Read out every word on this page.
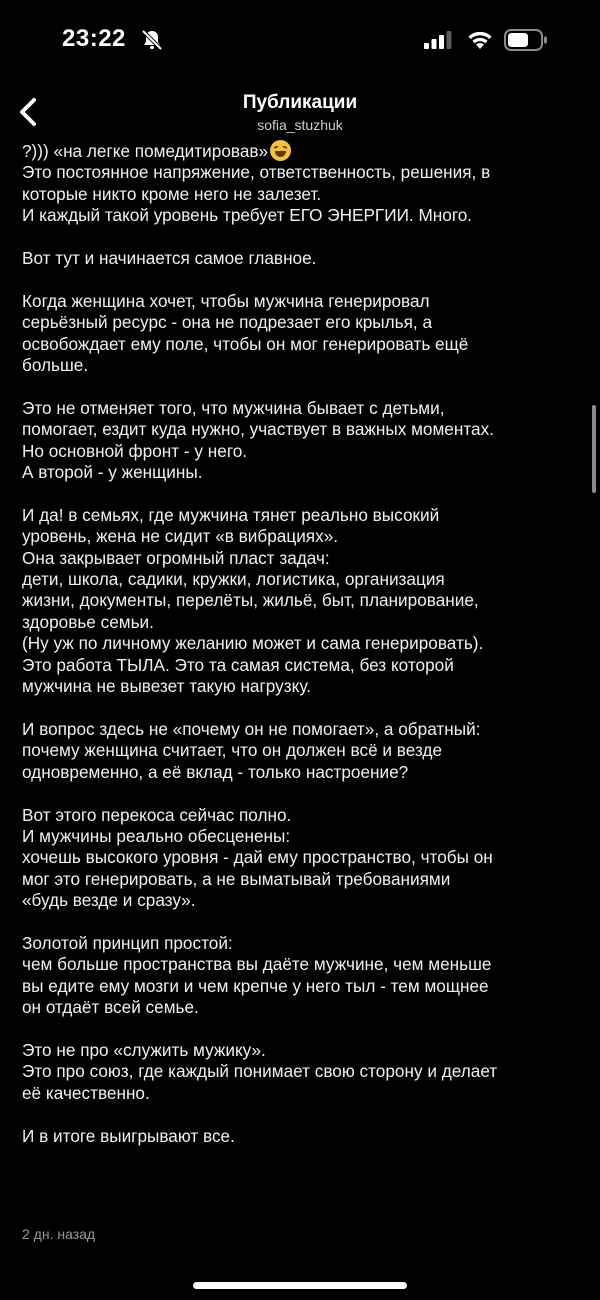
23:22
Публикации
sofia_stuzhuk
?))) «на легке помедитировав»
Это постоянное напряжение, ответственность, решения, в
которые никто кроме него не залезет.
И каждый такой уровень требует ЕГО ЭНЕРГИИ. Много.
Вот тут и начинается самое главное.
Когда женщина хочет, чтобы мужчина генерировал
серьёзный ресурс - она не подрезает его крылья, а
освобождает ему поле, чтобы он мог генерировать ещё
больше.
Это не отменяет того, что мужчина бывает с детьми,
помогает, ездит куда нужно, участвует в важных моментах.
Но основной фронт - у него.
А второй - у женщины.
И да! в семьях, где мужчина тянет реально высокий
уровень, жена не сидит «в вибрациях».
Она закрывает огромный пласт задач:
дети, школа, садики, кружки, логистика, организация
жизни, документы, перелёты, жильё, быт, планирование,
здоровье семьи.
(Ну уж по личному желанию может и сама генерировать).
Это работа ТЫЛА. Это та самая система, без которой
мужчина не вывезет такую нагрузку.
И вопрос здесь не «почему он не помогает», а обратный:
почему женщина считает, что он должен всё и везде
одновременно, а её вклад - только настроение?
Вот этого перекоса сейчас полно.
И мужчины реально обесценены:
хочешь высокого уровня - дай ему пространство, чтобы он
мог это генерировать, а не выматывай требованиями
«будь везде и сразу».
Золотой принцип простой:
чем больше пространства вы даёте мужчине, чем меньше
вы едите ему мозги и чем крепче у него тыл - тем мощнее
он отдаёт всей семье.
Это не про «служить мужику».
Это про союз, где каждый понимает свою сторону и делает
её качественно.
И в итоге выигрывают все.
2 дн. назад
